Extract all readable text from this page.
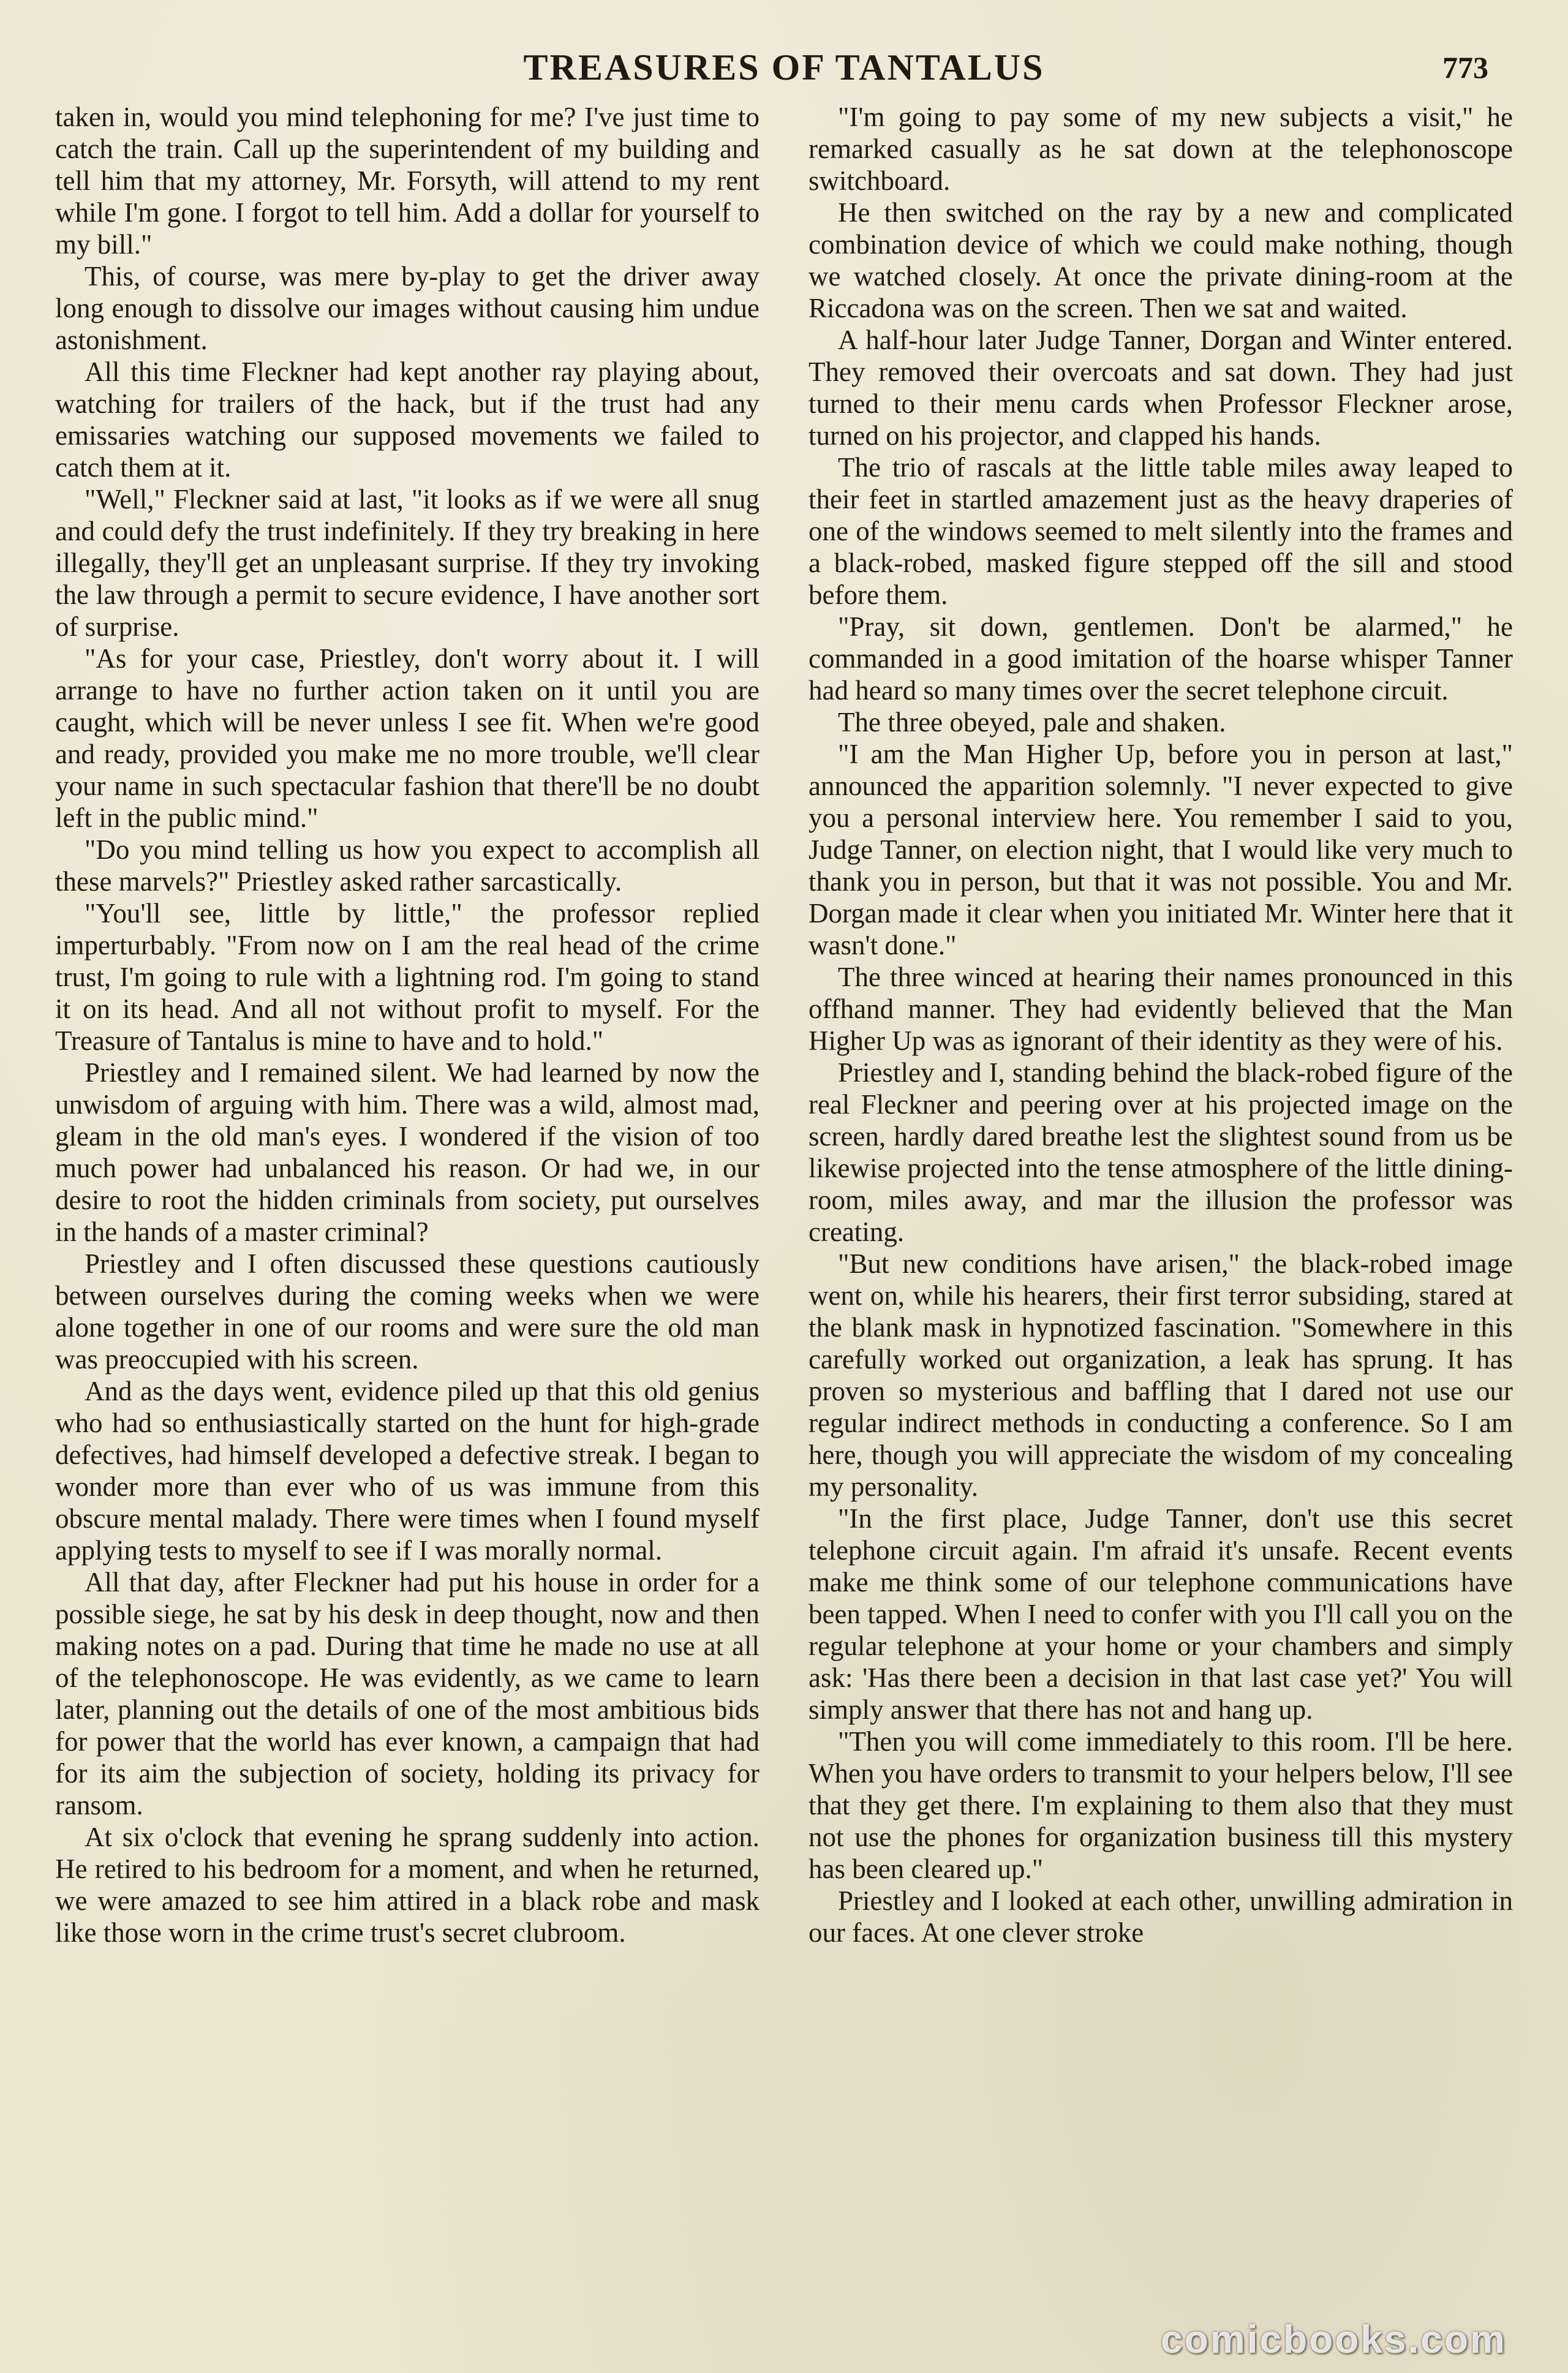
TREASURES OF TANTALUS	773

taken in, would you mind telephoning for me? I've just time to catch the train. Call up the superintendent of my building and tell him that my attorney, Mr. Forsyth, will attend to my rent while I'm gone. I forgot to tell him. Add a dollar for yourself to my bill."

This, of course, was mere by-play to get the driver away long enough to dissolve our images without causing him undue astonishment.

All this time Fleckner had kept another ray playing about, watching for trailers of the hack, but if the trust had any emissaries watching our supposed movements we failed to catch them at it.

"Well," Fleckner said at last, "it looks as if we were all snug and could defy the trust indefinitely. If they try breaking in here illegally, they'll get an unpleasant surprise. If they try invoking the law through a permit to secure evidence, I have another sort of surprise.

"As for your case, Priestley, don't worry about it. I will arrange to have no further action taken on it until you are caught, which will be never unless I see fit. When we're good and ready, provided you make me no more trouble, we'll clear your name in such spectacular fashion that there'll be no doubt left in the public mind."

"Do you mind telling us how you expect to accomplish all these marvels?" Priestley asked rather sarcastically.

"You'll see, little by little," the professor replied imperturbably. "From now on I am the real head of the crime trust, I'm going to rule with a lightning rod. I'm going to stand it on its head. And all not without profit to myself. For the Treasure of Tantalus is mine to have and to hold."

Priestley and I remained silent. We had learned by now the unwisdom of arguing with him. There was a wild, almost mad, gleam in the old man's eyes. I wondered if the vision of too much power had unbalanced his reason. Or had we, in our desire to root the hidden criminals from society, put ourselves in the hands of a master criminal?

Priestley and I often discussed these questions cautiously between ourselves during the coming weeks when we were alone together in one of our rooms and were sure the old man was preoccupied with his screen.

And as the days went, evidence piled up that this old genius who had so enthusiastically started on the hunt for high-grade defectives, had himself developed a defective streak. I began to wonder more than ever who of us was immune from this obscure mental malady. There were times when I found myself applying tests to myself to see if I was morally normal.

All that day, after Fleckner had put his house in order for a possible siege, he sat by his desk in deep thought, now and then making notes on a pad. During that time he made no use at all of the telephonoscope. He was evidently, as we came to learn later, planning out the details of one of the most ambitious bids for power that the world has ever known, a campaign that had for its aim the subjection of society, holding its privacy for ransom.

At six o'clock that evening he sprang suddenly into action. He retired to his bedroom for a moment, and when he returned, we were amazed to see him attired in a black robe and mask like those worn in the crime trust's secret clubroom.

"I'm going to pay some of my new subjects a visit," he remarked casually as he sat down at the telephonoscope switchboard.

He then switched on the ray by a new and complicated combination device of which we could make nothing, though we watched closely. At once the private dining-room at the Riccadona was on the screen. Then we sat and waited.

A half-hour later Judge Tanner, Dorgan and Winter entered. They removed their overcoats and sat down. They had just turned to their menu cards when Professor Fleckner arose, turned on his projector, and clapped his hands.

The trio of rascals at the little table miles away leaped to their feet in startled amazement just as the heavy draperies of one of the windows seemed to melt silently into the frames and a black-robed, masked figure stepped off the sill and stood before them.

"Pray, sit down, gentlemen. Don't be alarmed," he commanded in a good imitation of the hoarse whisper Tanner had heard so many times over the secret telephone circuit.

The three obeyed, pale and shaken.

"I am the Man Higher Up, before you in person at last," announced the apparition solemnly. "I never expected to give you a personal interview here. You remember I said to you, Judge Tanner, on election night, that I would like very much to thank you in person, but that it was not possible. You and Mr. Dorgan made it clear when you initiated Mr. Winter here that it wasn't done."

The three winced at hearing their names pronounced in this offhand manner. They had evidently believed that the Man Higher Up was as ignorant of their identity as they were of his.

Priestley and I, standing behind the black-robed figure of the real Fleckner and peering over at his projected image on the screen, hardly dared breathe lest the slightest sound from us be likewise projected into the tense atmosphere of the little dining-room, miles away, and mar the illusion the professor was creating.

"But new conditions have arisen," the black-robed image went on, while his hearers, their first terror subsiding, stared at the blank mask in hypnotized fascination. "Somewhere in this carefully worked out organization, a leak has sprung. It has proven so mysterious and baffling that I dared not use our regular indirect methods in conducting a conference. So I am here, though you will appreciate the wisdom of my concealing my personality.

"In the first place, Judge Tanner, don't use this secret telephone circuit again. I'm afraid it's unsafe. Recent events make me think some of our telephone communications have been tapped. When I need to confer with you I'll call you on the regular telephone at your home or your chambers and simply ask: 'Has there been a decision in that last case yet?' You will simply answer that there has not and hang up.

"Then you will come immediately to this room. I'll be here. When you have orders to transmit to your helpers below, I'll see that they get there. I'm explaining to them also that they must not use the phones for organization business till this mystery has been cleared up."

Priestley and I looked at each other, unwilling admiration in our faces. At one clever stroke

comicbooks.com
